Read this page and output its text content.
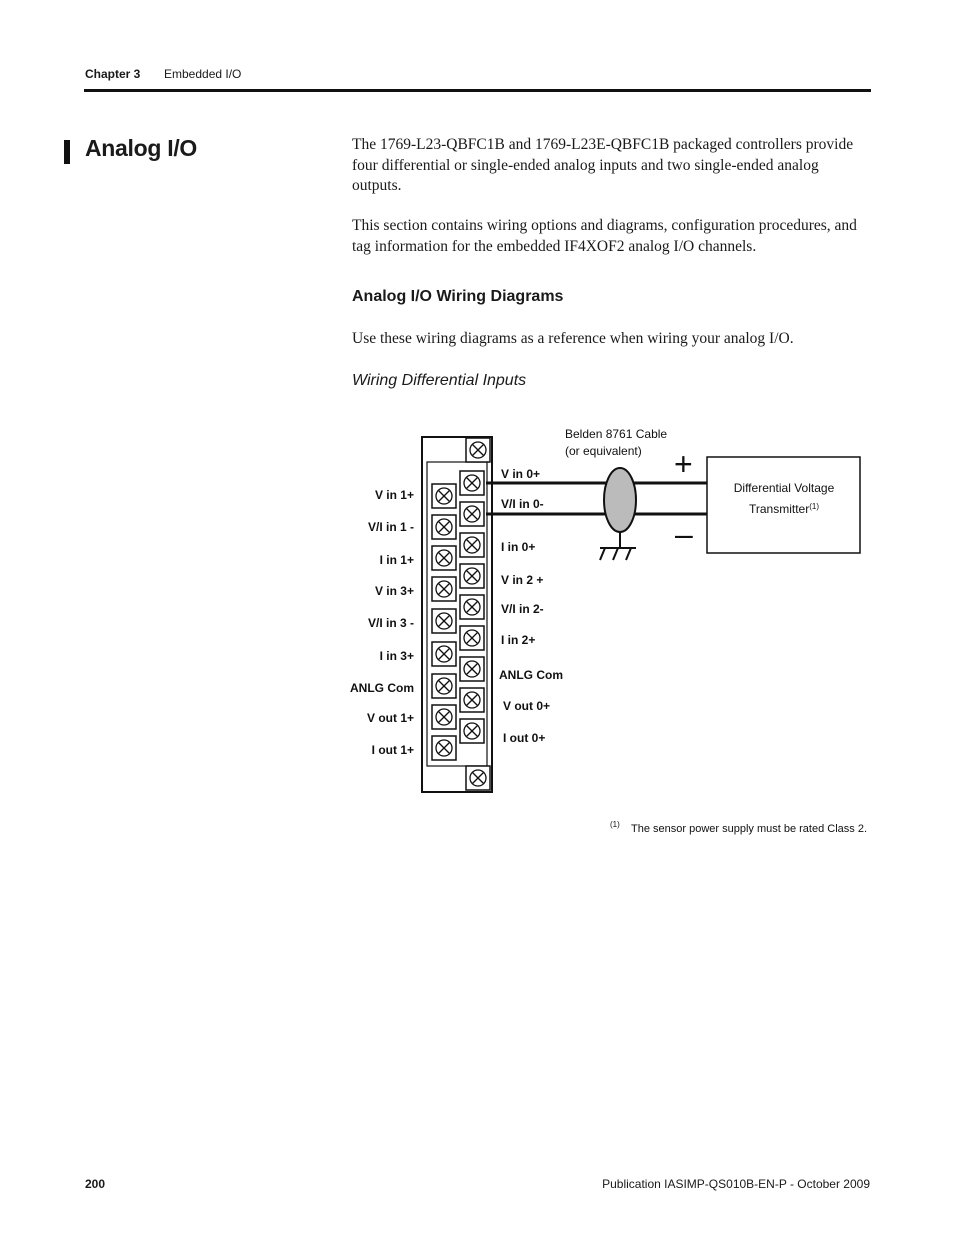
Chapter 3 Embedded I/O
Analog I/O	The 1769-L23-QBFC1B and 1769-L23E-QBFC1B packaged controllers provide four differential or single-ended analog inputs and two single-ended analog outputs.
This section contains wiring options and diagrams, configuration procedures, and tag information for the embedded IF4XOF2 analog I/O channels.
Analog I/O Wiring Diagrams
Use these wiring diagrams as a reference when wiring your analog I/O.
Wiring Differential Inputs
V in 1+
V/I in 1 -
I in 1+
V in 3+
V/I in 3 -
I in 3+
ANLG Com
V out 1+
I out 1+
V in 0+
V/I in 0-
I in 0+
V in 2 +
V/I in 2-
I in 2+
ANLG Com
V out 0+
I out 0+
Belden 8761 Cable
(or equivalent) +
–
Differential Voltage
Transmitter$^{(1)}$
(1) The sensor power supply must be rated Class 2.
200	Publication IASIMP-QS010B-EN-P - October 2009
